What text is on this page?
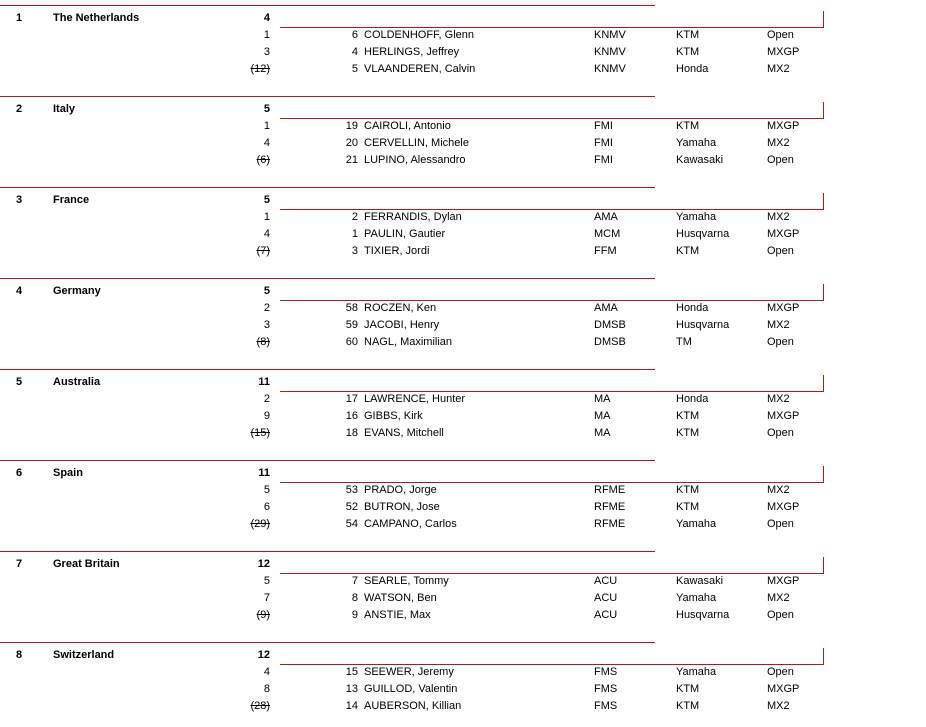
1	The Netherlands	4
1	6 COLDENHOFF, Glenn	KNMV	KTM	Open
3	4 HERLINGS, Jeffrey	KNMV	KTM	MXGP
(12)	5 VLAANDEREN, Calvin	KNMV	Honda	MX2
2	Italy	5
1	19 CAIROLI, Antonio	FMI	KTM	MXGP
4	20 CERVELLIN, Michele	FMI	Yamaha	MX2
(6)	21 LUPINO, Alessandro	FMI	Kawasaki	Open
3	France	5
1	2 FERRANDIS, Dylan	AMA	Yamaha	MX2
4	1 PAULIN, Gautier	MCM	Husqvarna	MXGP
(7)	3 TIXIER, Jordi	FFM	KTM	Open
4	Germany	5
2	58 ROCZEN, Ken	AMA	Honda	MXGP
3	59 JACOBI, Henry	DMSB	Husqvarna	MX2
(8)	60 NAGL, Maximilian	DMSB	TM	Open
5	Australia	11
2	17 LAWRENCE, Hunter	MA	Honda	MX2
9	16 GIBBS, Kirk	MA	KTM	MXGP
(15)	18 EVANS, Mitchell	MA	KTM	Open
6	Spain	11
5	53 PRADO, Jorge	RFME	KTM	MX2
6	52 BUTRON, Jose	RFME	KTM	MXGP
(29)	54 CAMPANO, Carlos	RFME	Yamaha	Open
7	Great Britain	12
5	7 SEARLE, Tommy	ACU	Kawasaki	MXGP
7	8 WATSON, Ben	ACU	Yamaha	MX2
(9)	9 ANSTIE, Max	ACU	Husqvarna	Open
8	Switzerland	12
4	15 SEEWER, Jeremy	FMS	Yamaha	Open
8	13 GUILLOD, Valentin	FMS	KTM	MXGP
(28)	14 AUBERSON, Killian	FMS	KTM	MX2
